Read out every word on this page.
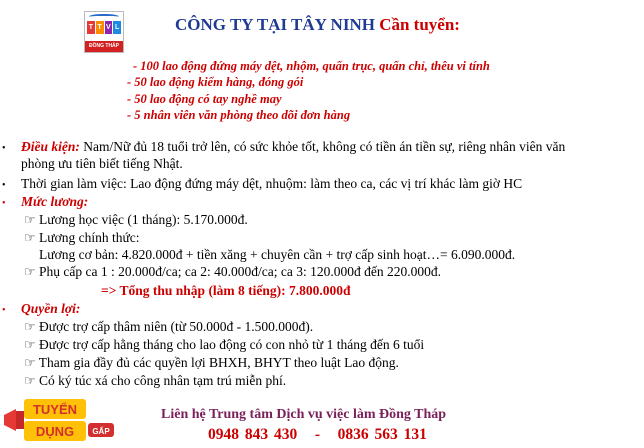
T T V L
ĐỒNG THÁP
CÔNG TY TẠI TÂY NINH Cần tuyển:
- 100 lao động đứng máy dệt, nhộm, quấn trục, quấn chỉ, thêu vi tính
- 50 lao động kiểm hàng, đóng gói
- 50 lao động có tay nghề may
- 5 nhân viên văn phòng theo dõi đơn hàng
• Điều kiện: Nam/Nữ đủ 18 tuổi trở lên, có sức khỏe tốt, không có tiền án tiền sự, riêng nhân viên văn
phòng ưu tiên biết tiếng Nhật.
• Thời gian làm việc: Lao động đứng máy dệt, nhuộm: làm theo ca, các vị trí khác làm giờ HC
• Mức lương:
☞ Lương học việc (1 tháng): 5.170.000đ.
☞ Lương chính thức:
Lương cơ bản: 4.820.000đ + tiền xăng + chuyên cần + trợ cấp sinh hoạt…= 6.090.000đ.
☞ Phụ cấp ca 1 : 20.000đ/ca; ca 2: 40.000đ/ca; ca 3: 120.000đ đến 220.000đ.
=> Tổng thu nhập (làm 8 tiếng): 7.800.000đ
• Quyền lợi:
☞ Được trợ cấp thâm niên (từ 50.000đ - 1.500.000đ).
☞ Được trợ cấp hằng tháng cho lao động có con nhỏ từ 1 tháng đến 6 tuổi
☞ Tham gia đầy đủ các quyền lợi BHXH, BHYT theo luật Lao động.
☞ Có ký túc xá cho công nhân tạm trú miễn phí.
TUYỂN
DỤNG GẤP
Liên hệ Trung tâm Dịch vụ việc làm Đồng Tháp
0948 843 430   -   0836 563 131
